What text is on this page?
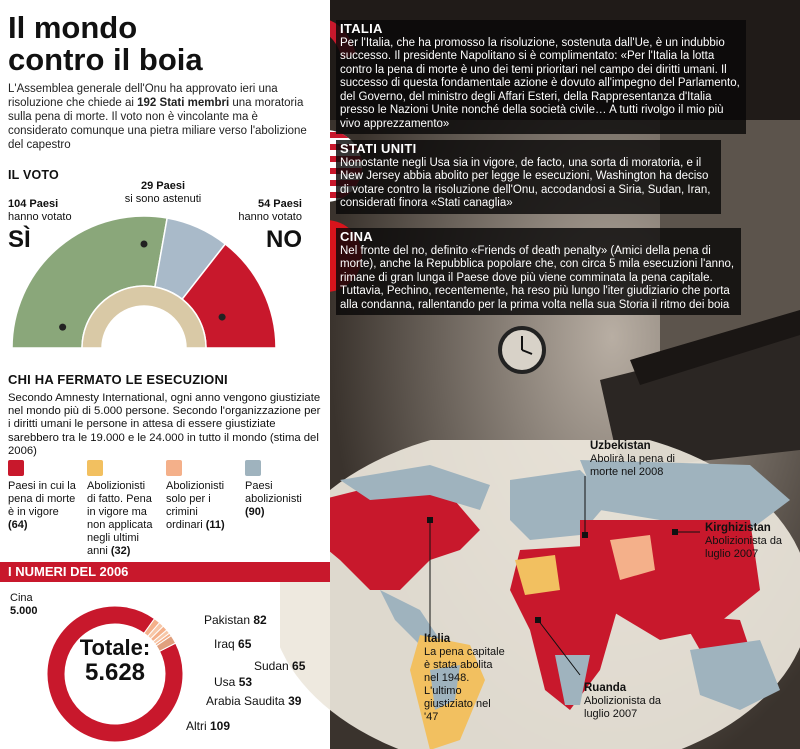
ITALIA
Per l'Italia, che ha promosso la risoluzione, sostenuta dall'Ue, è un indubbio successo. Il presidente Napolitano si è complimentato: «Per l'Italia la lotta contro la pena di morte è uno dei temi prioritari nel campo dei diritti umani. Il successo di questa fondamentale azione è dovuto all'impegno del Parlamento, del Governo, del ministro degli Affari Esteri, della Rappresentanza d'Italia presso le Nazioni Unite nonché della società civile… A tutti rivolgo il mio più vivo apprezzamento»
STATI UNITI
Nonostante negli Usa sia in vigore, de facto, una sorta di moratoria, e il New Jersey abbia abolito per legge le esecuzioni, Washington ha deciso di votare contro la risoluzione dell'Onu, accodandosi a Siria, Sudan, Iran, considerati finora «Stati canaglia»
CINA
Nel fronte del no, definito «Friends of death penalty» (Amici della pena di morte), anche la Repubblica popolare che, con circa 5 mila esecuzioni l'anno, rimane di gran lunga il Paese dove più viene comminata la pena capitale. Tuttavia, Pechino, recentemente, ha reso più lungo l'iter giudiziario che porta alla condanna, rallentando per la prima volta nella sua Storia il ritmo dei boia
Uzbekistan
Abolirà la pena di morte nel 2008
Kirghizistan
Abolizionista da luglio 2007
Italia
La pena capitale è stata abolita nel 1948. L'ultimo giustiziato nel '47
Ruanda
Abolizionista da luglio 2007
Il mondo
contro il boia
L'Assemblea generale dell'Onu ha approvato ieri una risoluzione che chiede ai 192 Stati membri una moratoria sulla pena di morte. Il voto non è vincolante ma è considerato comunque una pietra miliare verso l'abolizione del capestro
IL VOTO
104 Paesi
hanno votato
SÌ
29 Paesi
si sono astenuti	54 Paesi
hanno votato
NO
CHI HA FERMATO LE ESECUZIONI
Secondo Amnesty International, ogni anno vengono giustiziate nel mondo più di 5.000 persone. Secondo l'organizzazione per i diritti umani le persone in attesa di essere giustiziate sarebbero tra le 19.000 e le 24.000 in tutto il mondo (stima del 2006)
Paesi in cui la pena di morte è in vigore (64)
Abolizionisti di fatto. Pena in vigore ma non applicata negli ultimi anni (32)
Abolizionisti solo per i crimini ordinari (11)
Paesi abolizionisti (90)
I NUMERI DEL 2006
Cina
5.000
Totale:
5.628
Pakistan 82
Iraq 65
Sudan 65
Usa 53
Arabia Saudita 39
Altri 109
